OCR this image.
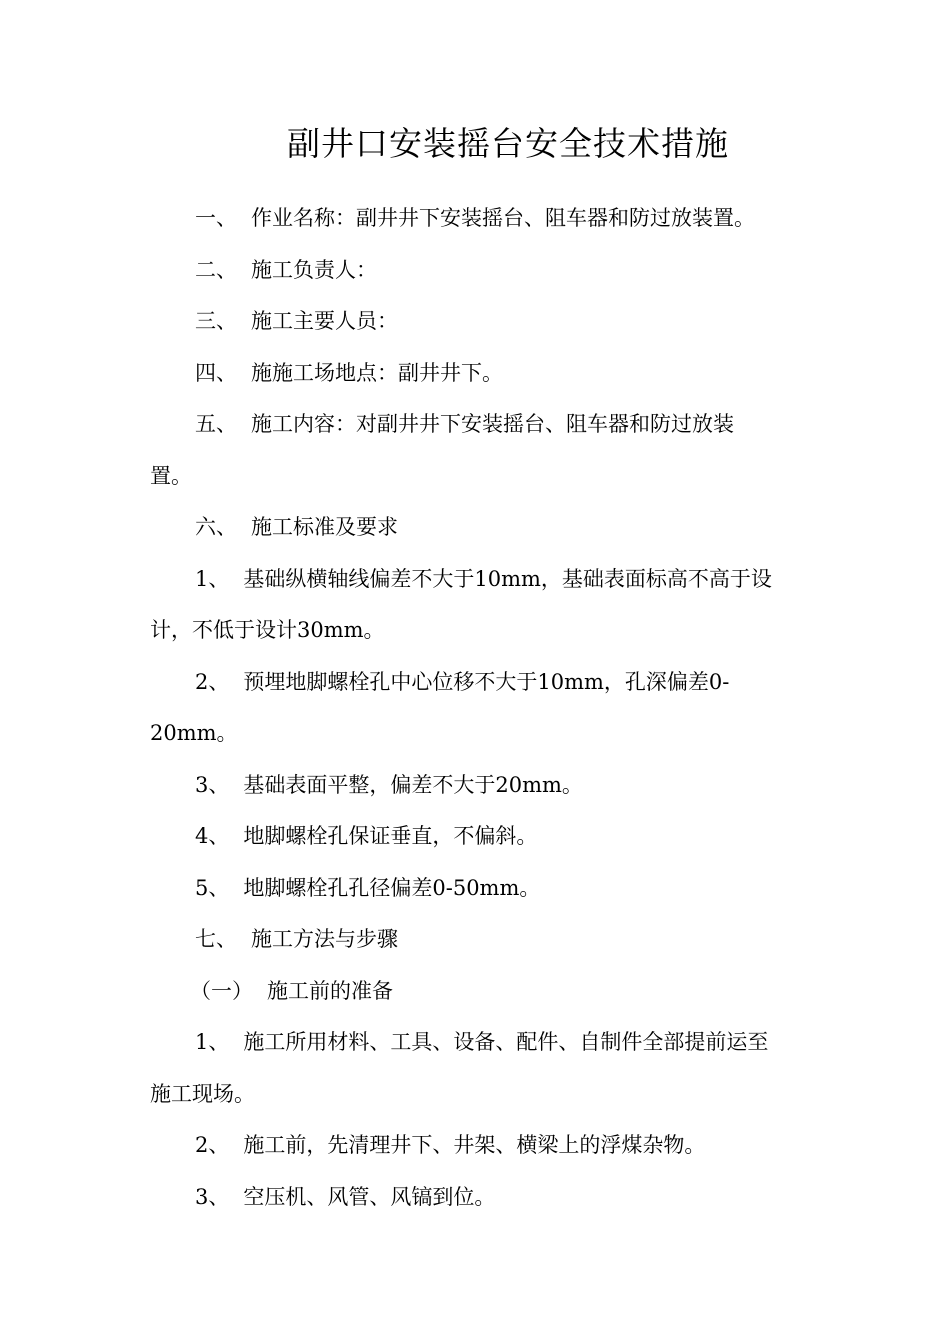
副井口安装摇台安全技术措施
一、 作业名称：副井井下安装摇台、阻车器和防过放装置。
二、 施工负责人：
三、 施工主要人员：
四、 施施工场地点：副井井下。
五、 施工内容：对副井井下安装摇台、阻车器和防过放装
置。
六、 施工标准及要求
1、 基础纵横轴线偏差不大于10mm，基础表面标高不高于设
计，不低于设计30mm。
2、 预埋地脚螺栓孔中心位移不大于10mm，孔深偏差0-
20mm。
3、 基础表面平整，偏差不大于20mm。
4、 地脚螺栓孔保证垂直，不偏斜。
5、 地脚螺栓孔孔径偏差0-50mm。
七、 施工方法与步骤
（一） 施工前的准备
1、 施工所用材料、工具、设备、配件、自制件全部提前运至
施工现场。
2、 施工前，先清理井下、井架、横梁上的浮煤杂物。
3、 空压机、风管、风镐到位。
